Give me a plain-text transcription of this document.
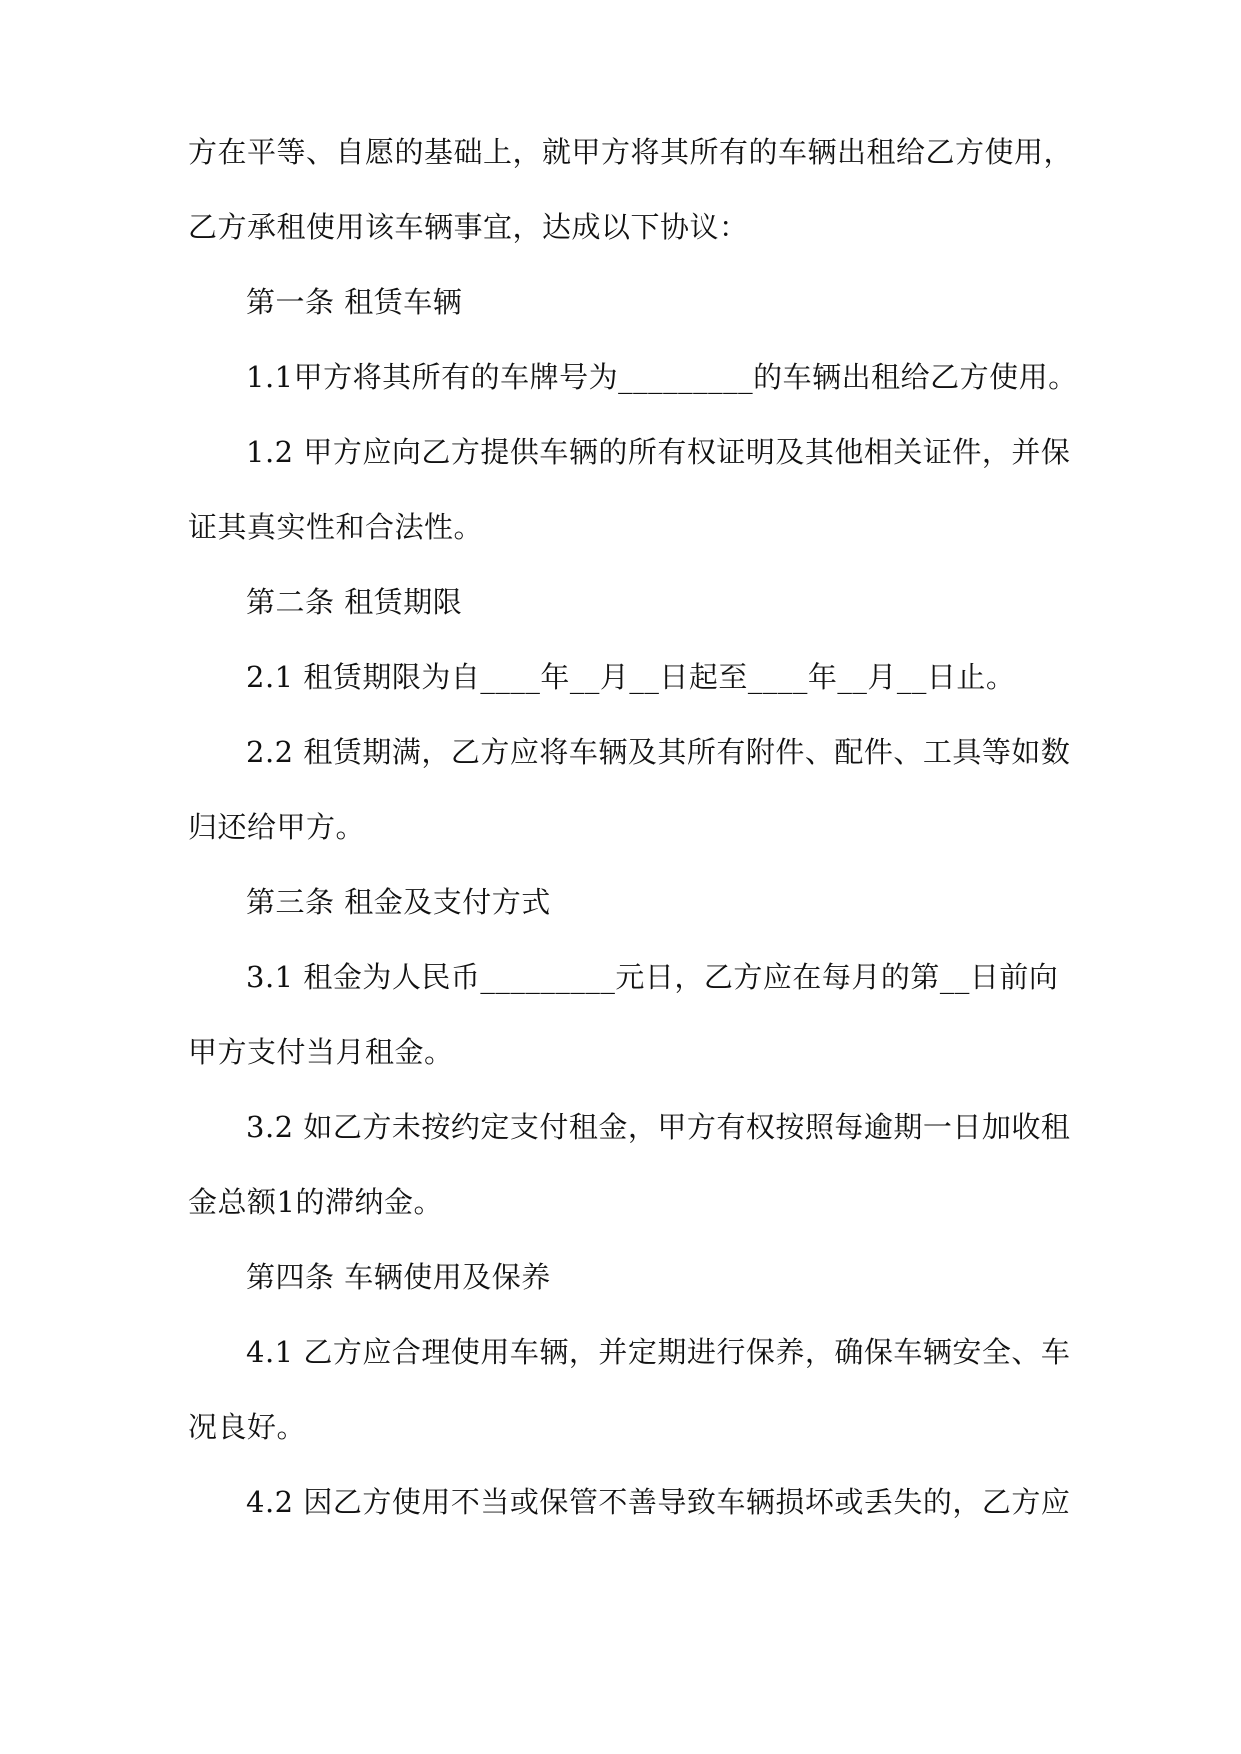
方在平等、自愿的基础上，就甲方将其所有的车辆出租给乙方使用，
乙方承租使用该车辆事宜，达成以下协议：
第一条 租赁车辆
1.1甲方将其所有的车牌号为_________的车辆出租给乙方使用。
1.2 甲方应向乙方提供车辆的所有权证明及其他相关证件，并保
证其真实性和合法性。
第二条 租赁期限
2.1 租赁期限为自____年__月__日起至____年__月__日止。
2.2 租赁期满，乙方应将车辆及其所有附件、配件、工具等如数
归还给甲方。
第三条 租金及支付方式
3.1 租金为人民币_________元日，乙方应在每月的第__日前向
甲方支付当月租金。
3.2 如乙方未按约定支付租金，甲方有权按照每逾期一日加收租
金总额1的滞纳金。
第四条 车辆使用及保养
4.1 乙方应合理使用车辆，并定期进行保养，确保车辆安全、车
况良好。
4.2 因乙方使用不当或保管不善导致车辆损坏或丢失的，乙方应
